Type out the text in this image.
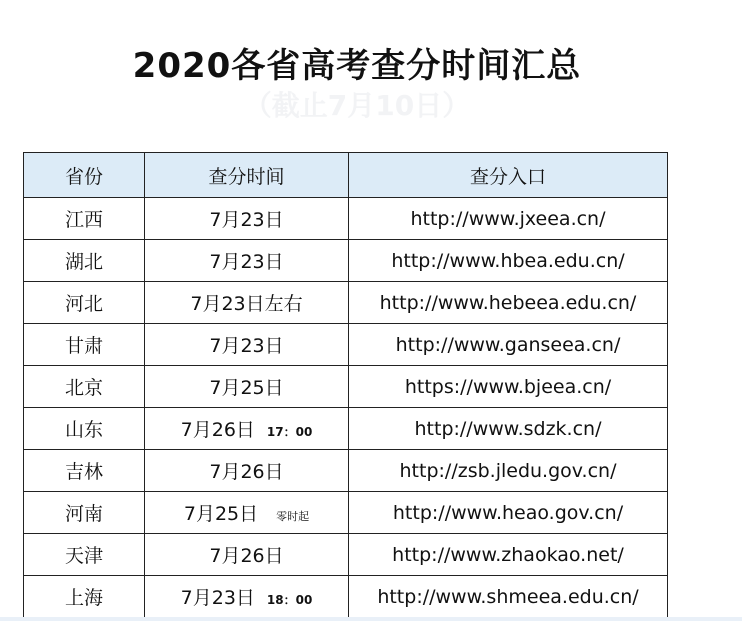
2020各省高考查分时间汇总
（截止7月10日）
省份	查分时间	查分入口
江西	7月23日	http://www.jxeea.cn/
湖北	7月23日	http://www.hbea.edu.cn/
河北	7月23日左右	http://www.hebeea.edu.cn/
甘肃	7月23日	http://www.ganseea.cn/
北京	7月25日	https://www.bjeea.cn/
山东	7月26日 17：00	http://www.sdzk.cn/
吉林	7月26日	http://zsb.jledu.gov.cn/
河南	7月25日 零时起	http://www.heao.gov.cn/
天津	7月26日	http://www.zhaokao.net/
上海	7月23日 18：00	http://www.shmeea.edu.cn/
